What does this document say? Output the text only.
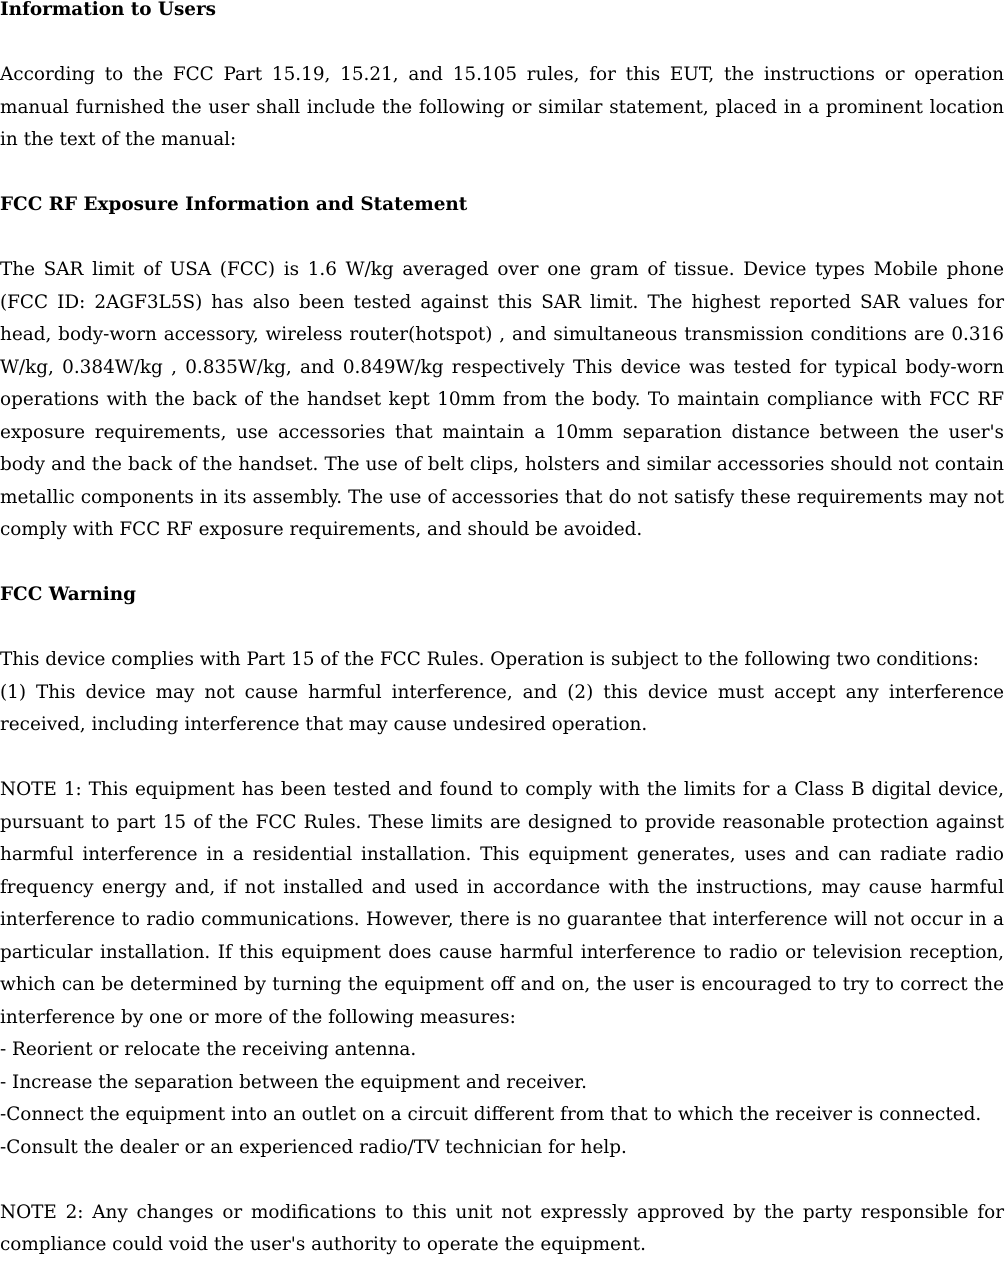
Information to Users

According to the FCC Part 15.19, 15.21, and 15.105 rules, for this EUT, the instructions or operation manual furnished the user shall include the following or similar statement, placed in a prominent location in the text of the manual:

FCC RF Exposure Information and Statement

The SAR limit of USA (FCC) is 1.6 W/kg averaged over one gram of tissue. Device types Mobile phone (FCC ID: 2AGF3L5S) has also been tested against this SAR limit. The highest reported SAR values for head, body-worn accessory, wireless router(hotspot) , and simultaneous transmission conditions are 0.316 W/kg, 0.384W/kg , 0.835W/kg, and 0.849W/kg respectively This device was tested for typical body-worn operations with the back of the handset kept 10mm from the body. To maintain compliance with FCC RF exposure requirements, use accessories that maintain a 10mm separation distance between the user's body and the back of the handset. The use of belt clips, holsters and similar accessories should not contain metallic components in its assembly. The use of accessories that do not satisfy these requirements may not comply with FCC RF exposure requirements, and should be avoided.

FCC Warning

This device complies with Part 15 of the FCC Rules. Operation is subject to the following two conditions:

(1) This device may not cause harmful interference, and (2) this device must accept any interference received, including interference that may cause undesired operation.

NOTE 1: This equipment has been tested and found to comply with the limits for a Class B digital device, pursuant to part 15 of the FCC Rules. These limits are designed to provide reasonable protection against harmful interference in a residential installation. This equipment generates, uses and can radiate radio frequency energy and, if not installed and used in accordance with the instructions, may cause harmful interference to radio communications. However, there is no guarantee that interference will not occur in a particular installation. If this equipment does cause harmful interference to radio or television reception, which can be determined by turning the equipment off and on, the user is encouraged to try to correct the interference by one or more of the following measures:

- Reorient or relocate the receiving antenna.
- Increase the separation between the equipment and receiver.
-Connect the equipment into an outlet on a circuit different from that to which the receiver is connected.
-Consult the dealer or an experienced radio/TV technician for help.

NOTE 2: Any changes or modifications to this unit not expressly approved by the party responsible for compliance could void the user's authority to operate the equipment.
